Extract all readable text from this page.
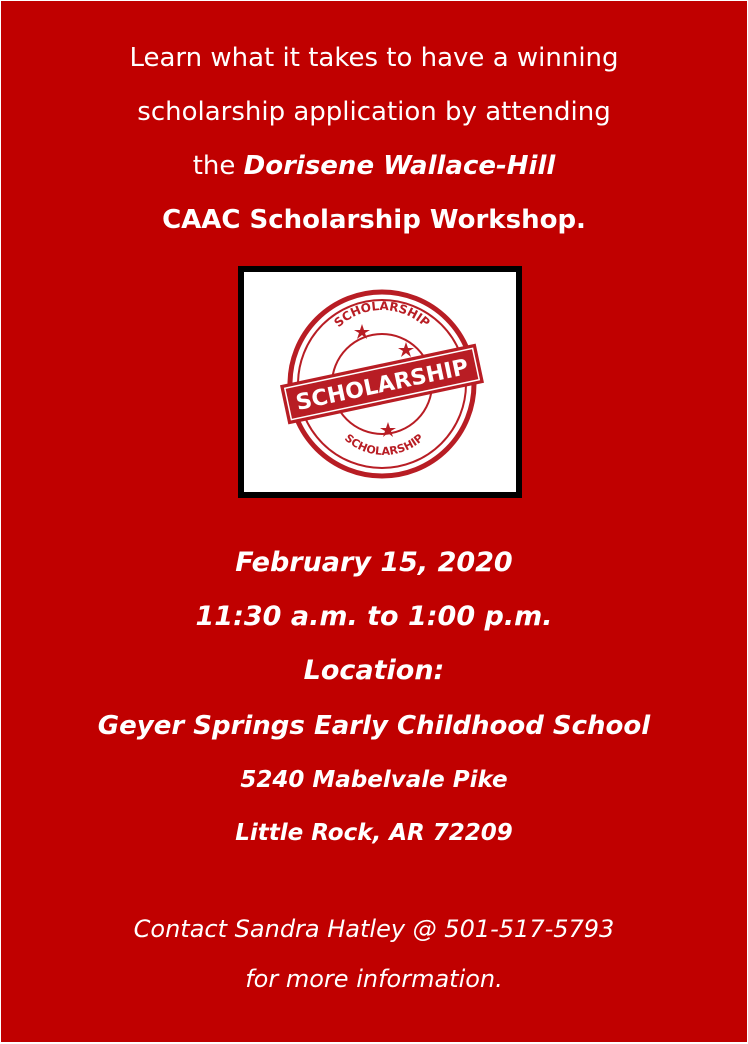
Learn what it takes to have a winning
scholarship application by attending
the Dorisene Wallace-Hill
CAAC Scholarship Workshop.
SCHOLARSHIP
SCHOLARSHIP
SCHOLARSHIP
February 15, 2020
11:30 a.m. to 1:00 p.m.
Location:
Geyer Springs Early Childhood School
5240 Mabelvale Pike
Little Rock, AR 72209
Contact Sandra Hatley @ 501-517-5793
for more information.
